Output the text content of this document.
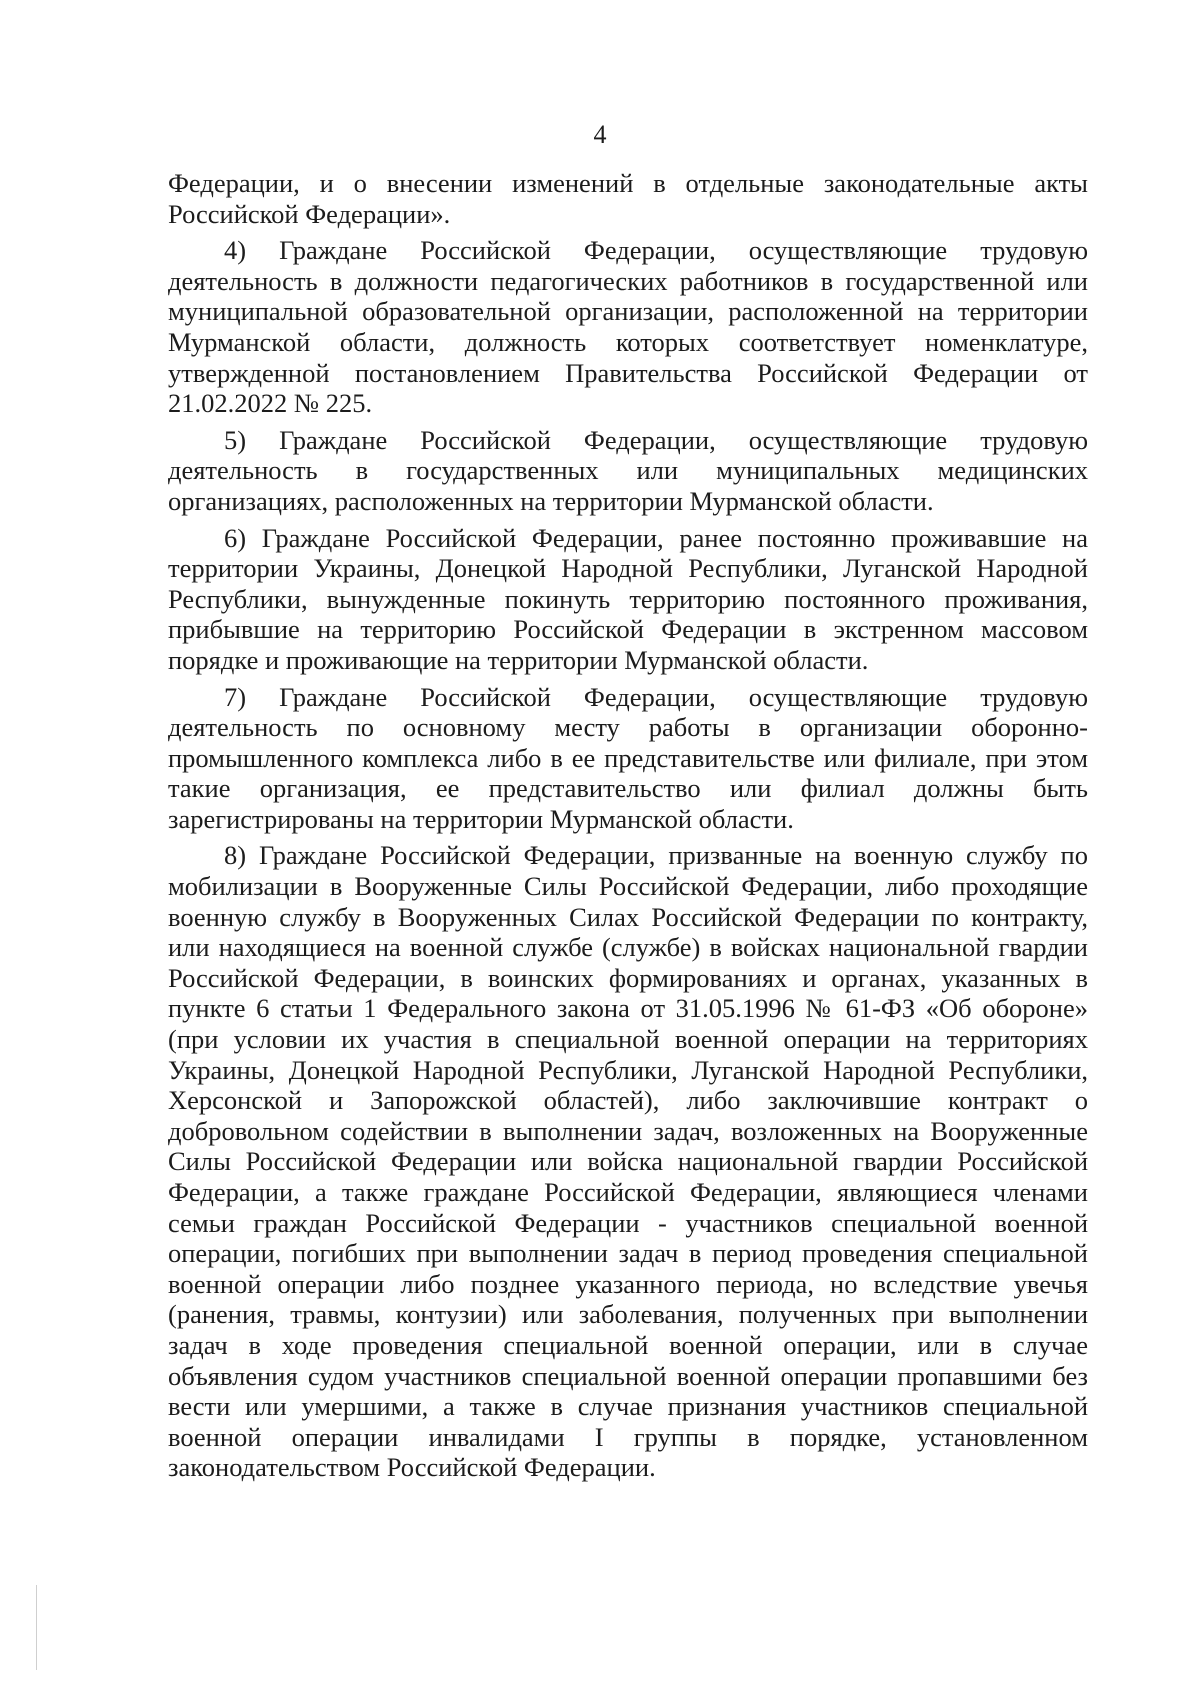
4
Федерации, и о внесении изменений в отдельные законодательные акты
Российской Федерации».
4) Граждане Российской Федерации, осуществляющие трудовую
деятельность в должности педагогических работников в государственной или
муниципальной образовательной организации, расположенной на территории
Мурманской области, должность которых соответствует номенклатуре,
утвержденной постановлением Правительства Российской Федерации от
21.02.2022 № 225.
5) Граждане Российской Федерации, осуществляющие трудовую
деятельность в государственных или муниципальных медицинских
организациях, расположенных на территории Мурманской области.
6) Граждане Российской Федерации, ранее постоянно проживавшие на
территории Украины, Донецкой Народной Республики, Луганской Народной
Республики, вынужденные покинуть территорию постоянного проживания,
прибывшие на территорию Российской Федерации в экстренном массовом
порядке и проживающие на территории Мурманской области.
7) Граждане Российской Федерации, осуществляющие трудовую
деятельность по основному месту работы в организации оборонно-
промышленного комплекса либо в ее представительстве или филиале, при этом
такие организация, ее представительство или филиал должны быть
зарегистрированы на территории Мурманской области.
8) Граждане Российской Федерации, призванные на военную службу по
мобилизации в Вооруженные Силы Российской Федерации, либо проходящие
военную службу в Вооруженных Силах Российской Федерации по контракту,
или находящиеся на военной службе (службе) в войсках национальной гвардии
Российской Федерации, в воинских формированиях и органах, указанных в
пункте 6 статьи 1 Федерального закона от 31.05.1996 № 61-ФЗ «Об обороне»
(при условии их участия в специальной военной операции на территориях
Украины, Донецкой Народной Республики, Луганской Народной Республики,
Херсонской и Запорожской областей), либо заключившие контракт о
добровольном содействии в выполнении задач, возложенных на Вооруженные
Силы Российской Федерации или войска национальной гвардии Российской
Федерации, а также граждане Российской Федерации, являющиеся членами
семьи граждан Российской Федерации - участников специальной военной
операции, погибших при выполнении задач в период проведения специальной
военной операции либо позднее указанного периода, но вследствие увечья
(ранения, травмы, контузии) или заболевания, полученных при выполнении
задач в ходе проведения специальной военной операции, или в случае
объявления судом участников специальной военной операции пропавшими без
вести или умершими, а также в случае признания участников специальной
военной операции инвалидами I группы в порядке, установленном
законодательством Российской Федерации.
